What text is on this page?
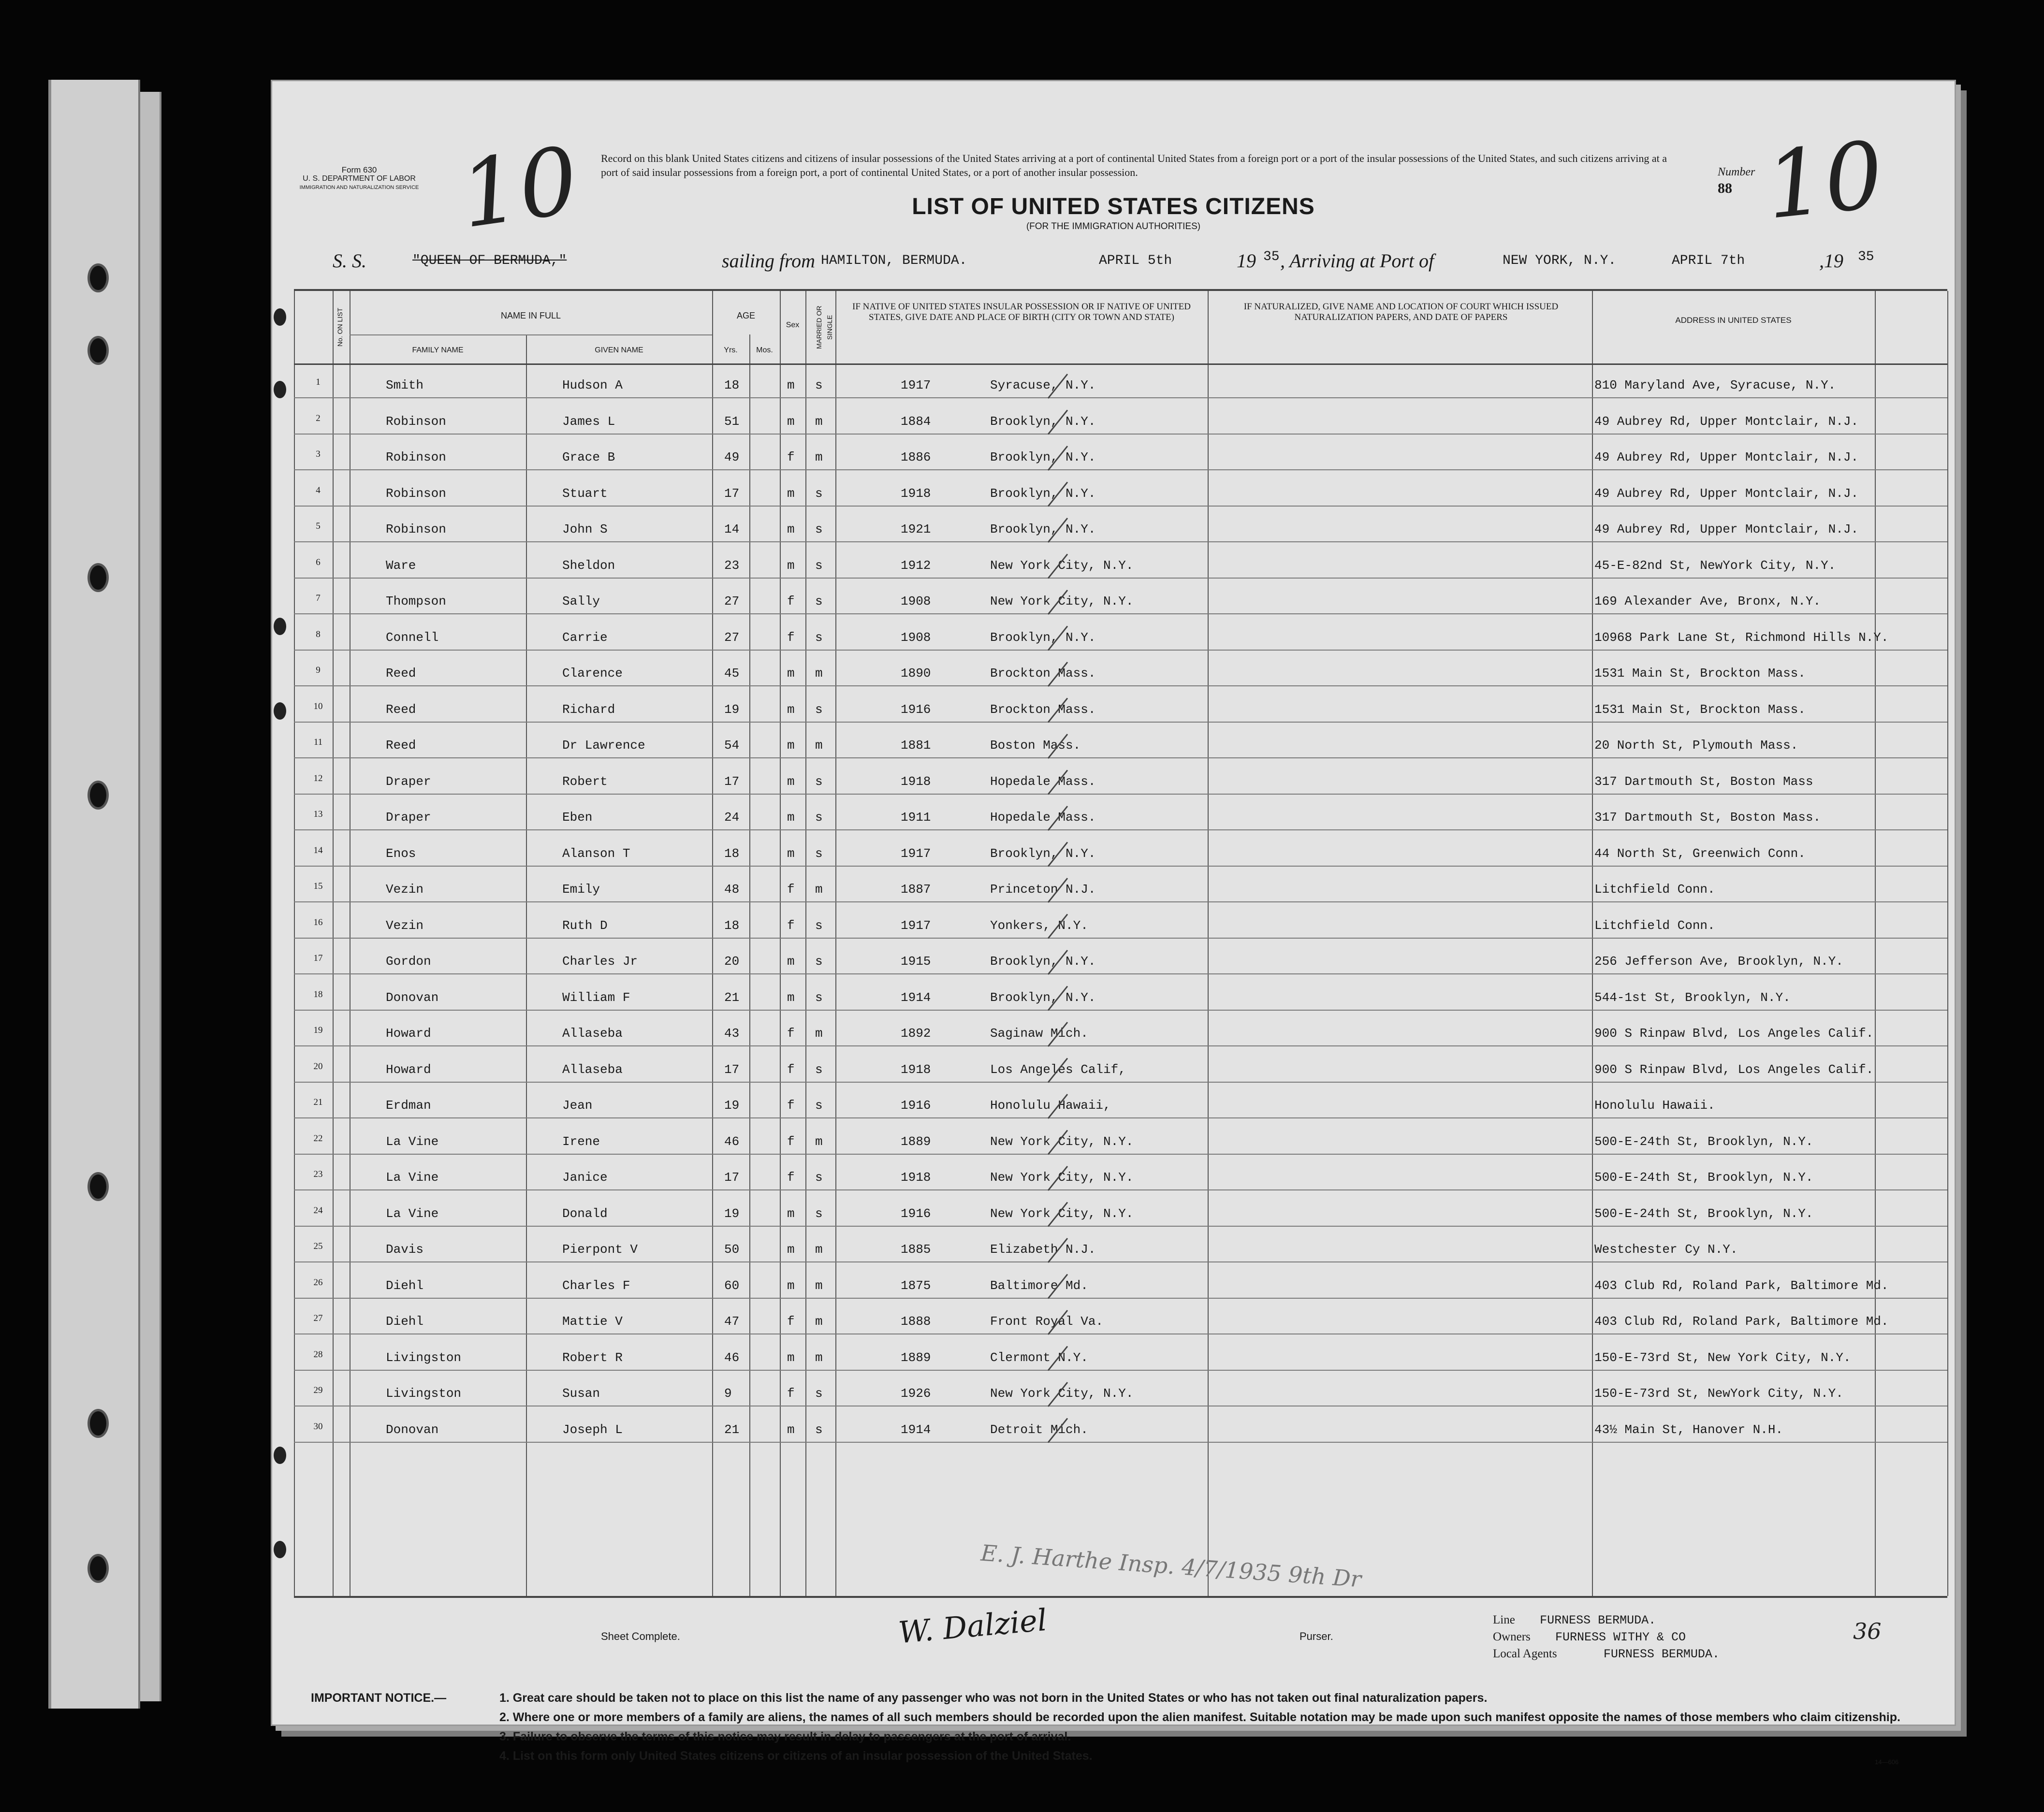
Form 630
U. S. DEPARTMENT OF LABOR
IMMIGRATION AND NATURALIZATION SERVICE 10	Number
88 10
Record on this blank United States citizens and citizens of insular possessions of the United States arriving at a port of continental United States from a foreign port or a port of the insular possessions of the United States, and such citizens arriving at a port of said insular possessions from a foreign port, a port of continental United States, or a port of another insular possession.
LIST OF UNITED STATES CITIZENS
(FOR THE IMMIGRATION AUTHORITIES)
S. S.	"QUEEN OF BERMUDA,"	sailing from HAMILTON, BERMUDA.	APRIL 5th	19 35 , Arriving at Port of	NEW YORK, N.Y.	APRIL 7th	,19 35
No. ON LIST	NAME IN FULL
FAMILY NAME	GIVEN NAME
AGE
Yrs.	Mos.
Sex	MARRIED OR SINGLE
IF NATIVE OF UNITED STATES INSULAR POSSESSION OR IF NATIVE OF UNITED STATES, GIVE DATE AND PLACE OF BIRTH (CITY OR TOWN AND STATE)
IF NATURALIZED, GIVE NAME AND LOCATION OF COURT WHICH ISSUED NATURALIZATION PAPERS, AND DATE OF PAPERS	ADDRESS IN UNITED STATES
1	Smith	Hudson A	18	m s	1917	Syracuse, N.Y.	810 Maryland Ave, Syracuse, N.Y.
2	Robinson	James L	51	m m	1884	Brooklyn, N.Y.	49 Aubrey Rd, Upper Montclair, N.J.
3	Robinson	Grace B	49	f m	1886	Brooklyn, N.Y.	49 Aubrey Rd, Upper Montclair, N.J.
4	Robinson	Stuart	17	m s	1918	Brooklyn, N.Y.	49 Aubrey Rd, Upper Montclair, N.J.
5	Robinson	John S	14	m s	1921	Brooklyn, N.Y.	49 Aubrey Rd, Upper Montclair, N.J.
6	Ware	Sheldon	23	m s	1912	New York City, N.Y.	45-E-82nd St, NewYork City, N.Y.
7	Thompson	Sally	27	f s	1908	New York City, N.Y.	169 Alexander Ave, Bronx, N.Y.
8	Connell	Carrie	27	f s	1908	Brooklyn, N.Y.	10968 Park Lane St, Richmond Hills N.Y.
9	Reed	Clarence	45	m m	1890	Brockton Mass.	1531 Main St, Brockton Mass.
10	Reed	Richard	19	m s	1916	Brockton Mass.	1531 Main St, Brockton Mass.
11	Reed	Dr Lawrence	54	m m	1881	Boston Mass.	20 North St, Plymouth Mass.
12	Draper	Robert	17	m s	1918	Hopedale Mass.	317 Dartmouth St, Boston Mass
13	Draper	Eben	24	m s	1911	Hopedale Mass.	317 Dartmouth St, Boston Mass.
14	Enos	Alanson T	18	m s	1917	Brooklyn, N.Y.	44 North St, Greenwich Conn.
15	Vezin	Emily	48	f m	1887	Princeton N.J.	Litchfield Conn.
16	Vezin	Ruth D	18	f s	1917	Yonkers, N.Y.	Litchfield Conn.
17	Gordon	Charles Jr	20	m s	1915	Brooklyn, N.Y.	256 Jefferson Ave, Brooklyn, N.Y.
18	Donovan	William F	21	m s	1914	Brooklyn, N.Y.	544-1st St, Brooklyn, N.Y.
19	Howard	Allaseba	43	f m	1892	Saginaw Mich.	900 S Rinpaw Blvd, Los Angeles Calif.
20	Howard	Allaseba	17	f s	1918	Los Angeles Calif,	900 S Rinpaw Blvd, Los Angeles Calif.
21	Erdman	Jean	19	f s	1916	Honolulu Hawaii,	Honolulu Hawaii.
22	La Vine	Irene	46	f m	1889	New York City, N.Y.	500-E-24th St, Brooklyn, N.Y.
23	La Vine	Janice	17	f s	1918	New York City, N.Y.	500-E-24th St, Brooklyn, N.Y.
24	La Vine	Donald	19	m s	1916	New York City, N.Y.	500-E-24th St, Brooklyn, N.Y.
25	Davis	Pierpont V	50	m m	1885	Elizabeth N.J.	Westchester Cy N.Y.
26	Diehl	Charles F	60	m m	1875	Baltimore Md.	403 Club Rd, Roland Park, Baltimore Md.
27	Diehl	Mattie V	47	f m	1888	Front Royal Va.	403 Club Rd, Roland Park, Baltimore Md.
28	Livingston	Robert R	46	m m	1889	Clermont N.Y.	150-E-73rd St, New York City, N.Y.
29	Livingston	Susan	9	f s	1926	New York City, N.Y.	150-E-73rd St, NewYork City, N.Y.
30	Donovan	Joseph L	21	m s	1914	Detroit Mich.	43½ Main St, Hanover N.H.
Sheet Complete.	W. Dalziel
E. J. Harthe Insp. 4/7/1935 9th Dr
Purser.
Line FURNESS BERMUDA.
Owners FURNESS WITHY & CO
Local Agents	FURNESS BERMUDA.
36
14—606
IMPORTANT NOTICE.—	1. Great care should be taken not to place on this list the name of any passenger who was not born in the United States or who has not taken out final naturalization papers.
2. Where one or more members of a family are aliens, the names of all such members should be recorded upon the alien manifest. Suitable notation may be made upon such manifest opposite the names of those members who claim citizenship.
3. Failure to observe the terms of this notice may result in delay to passengers at the port of arrival.
4. List on this form only United States citizens or citizens of an insular possession of the United States.
